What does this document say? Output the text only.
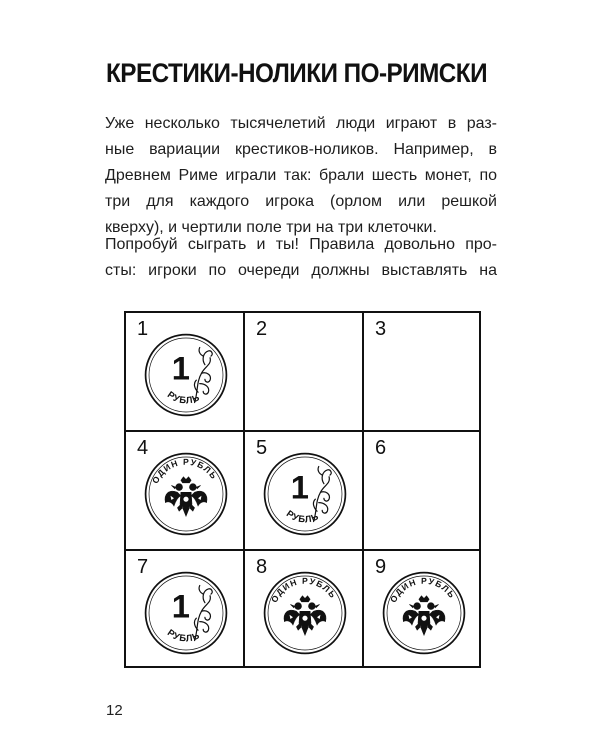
КРЕСТИКИ-НОЛИКИ ПО-РИМСКИ

Уже несколько тысячелетий люди играют в раз-
ные вариации крестиков-ноликов. Например, в
Древнем Риме играли так: брали шесть монет, по
три для каждого игрока (орлом или решкой
кверху), и чертили поле три на три клеточки.

Попробуй сыграть и ты! Правила довольно про-
сты: игроки по очереди должны выставлять на

1
1
РУБЛЬ
2	3
4
ОДИН РУБЛЬ
5
1
РУБЛЬ
6
7
1
РУБЛЬ
8
ОДИН РУБЛЬ
9
ОДИН РУБЛЬ
12
